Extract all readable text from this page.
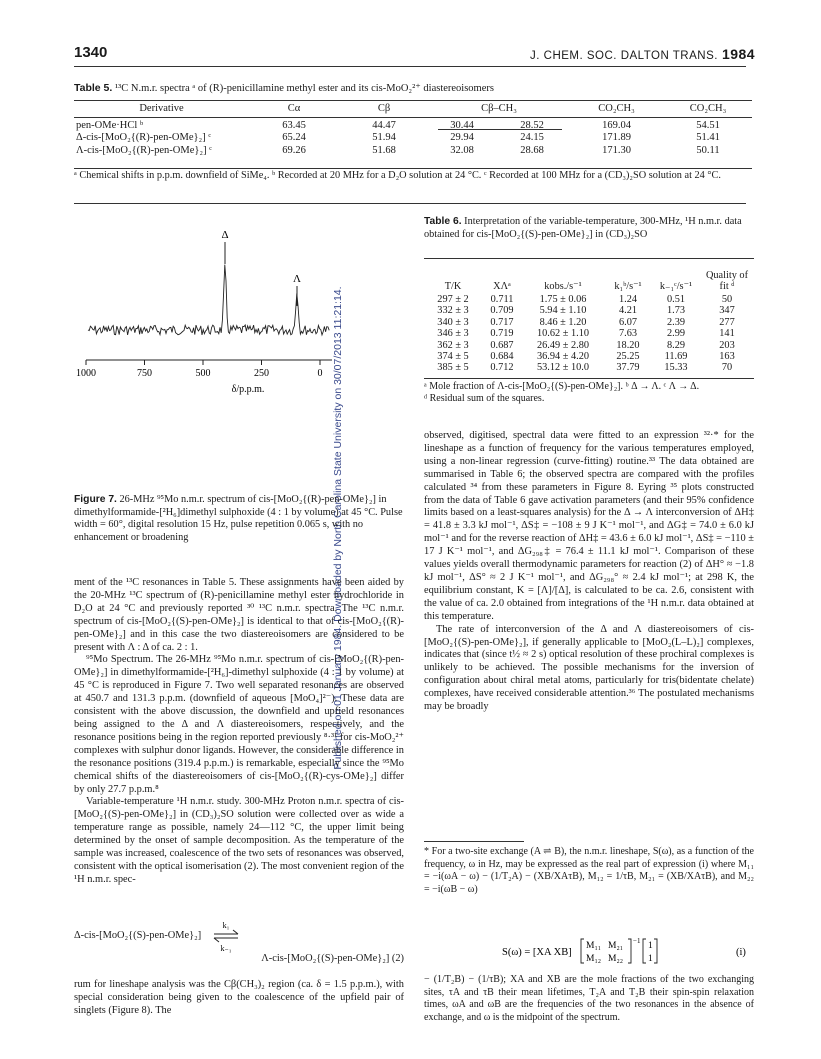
Published on 01 January 1984. Downloaded by North Carolina State University on 30/07/2013 11:21:14.
1340	J. CHEM. SOC. DALTON TRANS. 1984
Table 5. ¹³C N.m.r. spectra ᵃ of (R)-penicillamine methyl ester and its cis-MoO₂²⁺ diastereoisomers
Derivative	Cα	Cβ	Cβ–CH₃		CO₂CH₃	CO₂CH₃
pen-OMe·HCl ᵇ	63.45	44.47	30.44	28.52	169.04	54.51
Δ-cis-[MoO₂{(R)-pen-OMe}₂] ᶜ	65.24	51.94	29.94	24.15	171.89	51.41
Λ-cis-[MoO₂{(R)-pen-OMe}₂] ᶜ	69.26	51.68	32.08	28.68	171.30	50.11
ᵃ Chemical shifts in p.p.m. downfield of SiMe₄. ᵇ Recorded at 20 MHz for a D₂O solution at 24 °C. ᶜ Recorded at 100 MHz for a (CD₃)₂SO solution at 24 °C.
Δ
Λ
1000	750	500	250	0
δ/p.p.m.
Figure 7. 26-MHz ⁹⁵Mo n.m.r. spectrum of cis-[MoO₂{(R)-pen-OMe}₂] in dimethylformamide-[²H₆]dimethyl sulphoxide (4 : 1 by volume) at 45 °C. Pulse width = 60°, digital resolution 15 Hz, pulse repetition 0.065 s, with no enhancement or broadening
Table 6. Interpretation of the variable-temperature, 300-MHz, ¹H n.m.r. data obtained for cis-[MoO₂{(S)-pen-OMe}₂] in (CD₃)₂SO
T/K	XΛᵃ	kobs./s⁻¹	k₁ᵇ/s⁻¹	k₋₁ᶜ/s⁻¹	Quality of fit ᵈ
297 ± 2	0.711	1.75 ± 0.06	1.24	0.51	50
332 ± 3	0.709	5.94 ± 1.10	4.21	1.73	347
340 ± 3	0.717	8.46 ± 1.20	6.07	2.39	277
346 ± 3	0.719	10.62 ± 1.10	7.63	2.99	141
362 ± 3	0.687	26.49 ± 2.80	18.20	8.29	203
374 ± 5	0.684	36.94 ± 4.20	25.25	11.69	163
385 ± 5	0.712	53.12 ± 10.0	37.79	15.33	70
ᵃ Mole fraction of Λ-cis-[MoO₂{(S)-pen-OMe}₂]. ᵇ Δ → Λ. ᶜ Λ → Δ.
ᵈ Residual sum of the squares.

ment of the ¹³C resonances in Table 5. These assignments have been aided by the 20-MHz ¹³C spectrum of (R)-penicillamine methyl ester hydrochloride in D₂O at 24 °C and previously reported ³⁰ ¹³C n.m.r. spectra. The ¹³C n.m.r. spectrum of cis-[MoO₂{(S)-pen-OMe}₂] is identical to that of cis-[MoO₂{(R)-pen-OMe}₂] and in this case the two diastereoisomers are considered to be present with Λ : Δ of ca. 2 : 1.

⁹⁵Mo Spectrum. The 26-MHz ⁹⁵Mo n.m.r. spectrum of cis-[MoO₂{(R)-pen-OMe}₂] in dimethylformamide-[²H₆]-dimethyl sulphoxide (4 : 1 by volume) at 45 °C is reproduced in Figure 7. Two well separated resonances are observed at 450.7 and 131.3 p.p.m. (downfield of aqueous [MoO₄]²⁻). These data are consistent with the above discussion, the downfield and upfield resonances being assigned to the Δ and Λ diastereoisomers, respectively, and the resonance positions being in the region reported previously ⁸·³¹ for cis-MoO₂²⁺ complexes with sulphur donor ligands. However, the considerable difference in the resonance positions (319.4 p.p.m.) is remarkable, especially since the ⁹⁵Mo chemical shifts of the diastereoisomers of cis-[MoO₂{(R)-cys-OMe}₂] differ by only 27.7 p.p.m.⁸

Variable-temperature ¹H n.m.r. study. 300-MHz Proton n.m.r. spectra of cis-[MoO₂{(S)-pen-OMe}₂] in (CD₃)₂SO solution were collected over as wide a temperature range as possible, namely 24—112 °C, the upper limit being determined by the onset of sample decomposition. As the temperature of the sample was increased, coalescence of the two sets of resonances was observed, consistent with the optical isomerisation (2). The most convenient region of the ¹H n.m.r. spec-

Δ-cis-[MoO₂{(S)-pen-OMe}₂]
k₁
k₋₁
Λ-cis-[MoO₂{(S)-pen-OMe}₂] (2)

rum for lineshape analysis was the Cβ(CH₃)₂ region (ca. δ = 1.5 p.p.m.), with special consideration being given to the coalescence of the upfield pair of singlets (Figure 8). The

observed, digitised, spectral data were fitted to an expression ³²·* for the lineshape as a function of frequency for the various temperatures employed, using a non-linear regression (curve-fitting) routine.³³ The data obtained are summarised in Table 6; the observed spectra are compared with the profiles calculated ³⁴ from these parameters in Figure 8. Eyring ³⁵ plots constructed from the data of Table 6 gave activation parameters (and their 95% confidence limits based on a least-squares analysis) for the Δ → Λ interconversion of ΔH‡ = 41.8 ± 3.3 kJ mol⁻¹, ΔS‡ = −108 ± 9 J K⁻¹ mol⁻¹, and ΔG‡ = 74.0 ± 6.0 kJ mol⁻¹ and for the reverse reaction of ΔH‡ = 43.6 ± 6.0 kJ mol⁻¹, ΔS‡ = −110 ± 17 J K⁻¹ mol⁻¹, and ΔG₂₉₈‡ = 76.4 ± 11.1 kJ mol⁻¹. Comparison of these values yields overall thermodynamic parameters for reaction (2) of ΔH° ≈ −1.8 kJ mol⁻¹, ΔS° ≈ 2 J K⁻¹ mol⁻¹, and ΔG₂₉₈° ≈ 2.4 kJ mol⁻¹; at 298 K, the equilibrium constant, K = [Λ]/[Δ], is calculated to be ca. 2.6, consistent with the value of ca. 2.0 obtained from integrations of the ¹H n.m.r. data obtained at this temperature.

The rate of interconversion of the Δ and Λ diastereoisomers of cis-[MoO₂{(S)-pen-OMe}₂], if generally applicable to [MoO₂(L–L)₂] complexes, indicates that (since t½ ≈ 2 s) optical resolution of these prochiral complexes is unlikely to be achieved. The possible mechanisms for the inversion of configuration about chiral metal atoms, particularly for tris(bidentate chelate) complexes, have received considerable attention.³⁶ The postulated mechanisms may be broadly

* For a two-site exchange (A ⇌ B), the n.m.r. lineshape, S(ω), as a function of the frequency, ω in Hz, may be expressed as the real part of expression (i) where M₁₁ = −i(ωA − ω) − (1/T₂A) − (XB/XAτB), M₁₂ = 1/τB, M₂₁ = (XB/XAτB), and M₂₂ = −i(ωB − ω)
S(ω) = [XA XB]
M₁₁ M₂₁
M₁₂ M₂₂
−1 1
1
(i)
− (1/T₂B) − (1/τB); XA and XB are the mole fractions of the two exchanging sites, τA and τB their mean lifetimes, T₂A and T₂B their spin-spin relaxation times, ωA and ωB are the frequencies of the two resonances in the absence of exchange, and ω is the midpoint of the spectrum.
